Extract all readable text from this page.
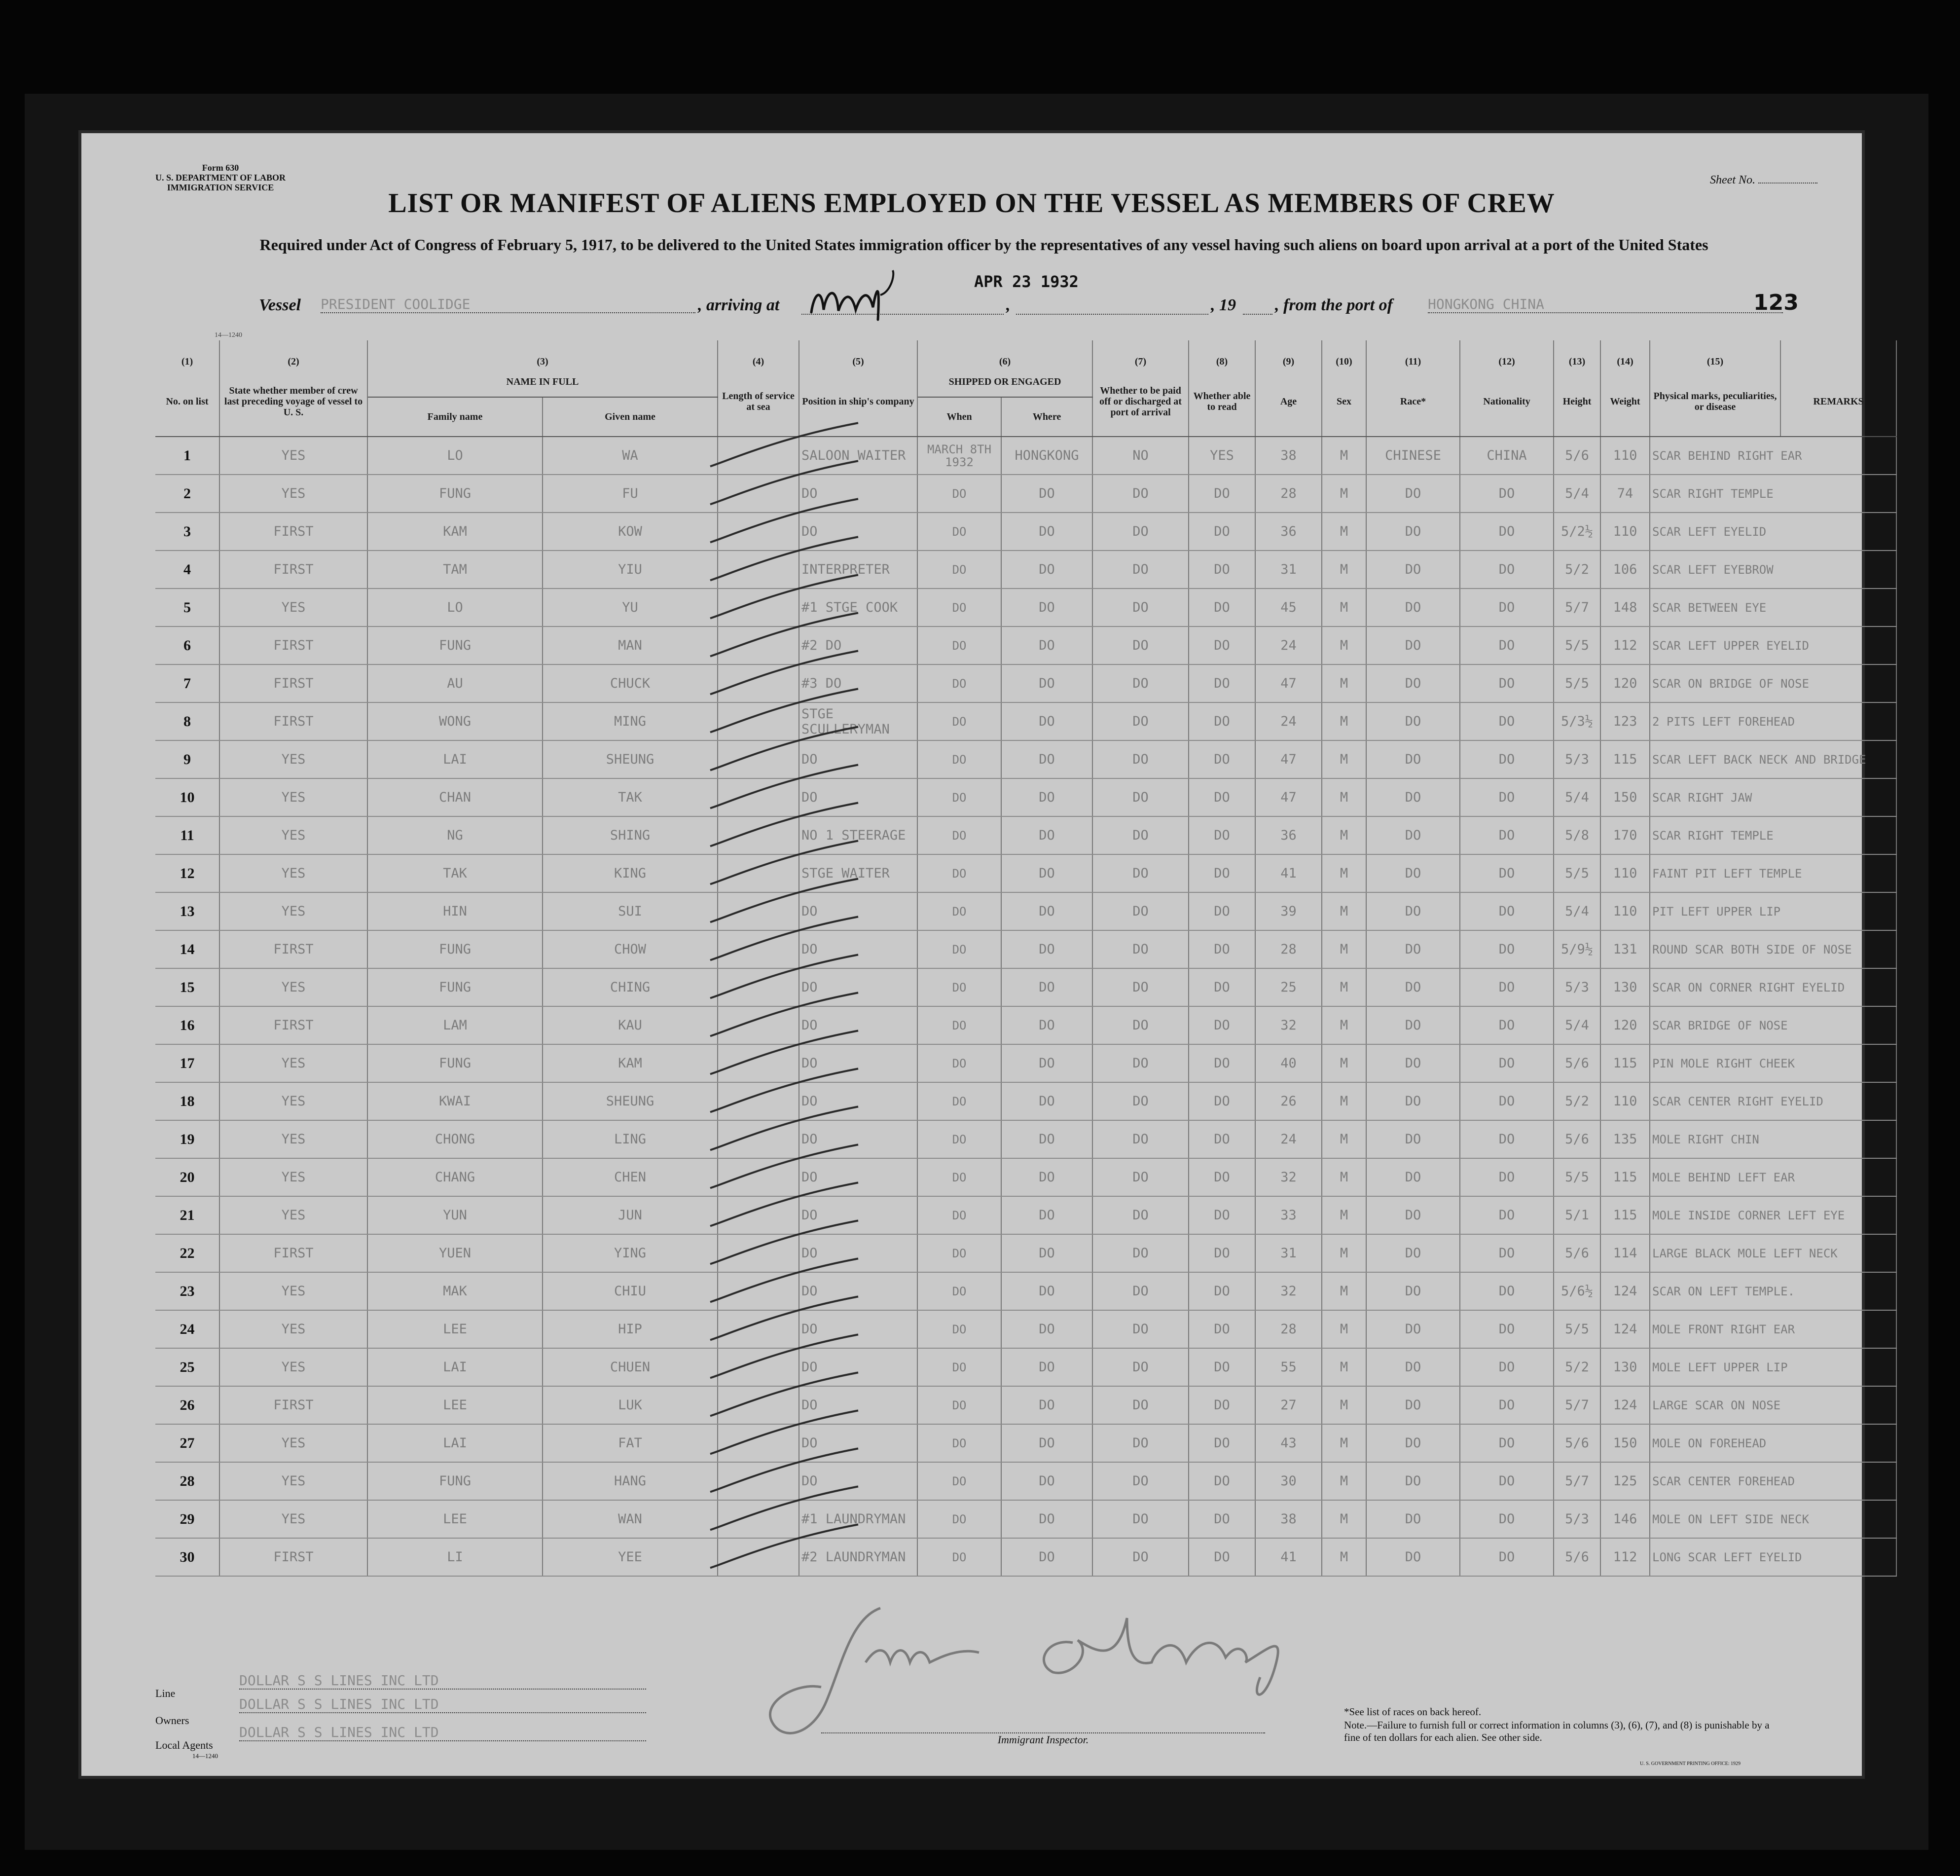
Form 630
U. S. DEPARTMENT OF LABOR
IMMIGRATION SERVICE
Sheet No.
LIST OR MANIFEST OF ALIENS EMPLOYED ON THE VESSEL AS MEMBERS OF CREW
Required under Act of Congress of February 5, 1917, to be delivered to the United States immigration officer by the representatives of any vessel having such aliens on board upon arrival at a port of the United States
APR 23 1932
Vessel PRESIDENT COOLIDGE	, arriving at	,	, 19 , from the port of	HONGKONG CHINA	123
14—1240
(1)	(2)	(3)		(4)	(5)	(6)		(7)	(8)	(9)	(10)	(11)	(12)	(13)	(14)	(15)	
No. on list	State whether member of crew last preceding voyage of vessel to U. S.	NAME IN FULL		Length of service at sea	Position in ship's company	SHIPPED OR ENGAGED		Whether to be paid off or discharged at port of arrival	Whether able to read	Age	Sex	Race*	Nationality	Height	Weight	Physical marks, peculiarities, or disease	REMARKS
		Family name	Given name			When	Where										
1	YES	LO	WA		SALOON WAITER	MARCH 8TH 1932	HONGKONG	NO	YES	38	M	CHINESE	CHINA	5/6	110	SCAR BEHIND RIGHT EAR	
2	YES	FUNG	FU		DO	DO	DO	DO	DO	28	M	DO	DO	5/4	74	SCAR RIGHT TEMPLE	
3	FIRST	KAM	KOW		DO	DO	DO	DO	DO	36	M	DO	DO	5/2½	110	SCAR LEFT EYELID	
4	FIRST	TAM	YIU		INTERPRETER	DO	DO	DO	DO	31	M	DO	DO	5/2	106	SCAR LEFT EYEBROW	
5	YES	LO	YU		#1 STGE COOK	DO	DO	DO	DO	45	M	DO	DO	5/7	148	SCAR BETWEEN EYE	
6	FIRST	FUNG	MAN		#2 DO	DO	DO	DO	DO	24	M	DO	DO	5/5	112	SCAR LEFT UPPER EYELID	
7	FIRST	AU	CHUCK		#3 DO	DO	DO	DO	DO	47	M	DO	DO	5/5	120	SCAR ON BRIDGE OF NOSE	
8	FIRST	WONG	MING		STGE SCULLERYMAN	DO	DO	DO	DO	24	M	DO	DO	5/3½	123	2 PITS LEFT FOREHEAD	
9	YES	LAI	SHEUNG		DO	DO	DO	DO	DO	47	M	DO	DO	5/3	115	SCAR LEFT BACK NECK AND BRIDGE	
10	YES	CHAN	TAK		DO	DO	DO	DO	DO	47	M	DO	DO	5/4	150	SCAR RIGHT JAW	
11	YES	NG	SHING		NO 1 STEERAGE	DO	DO	DO	DO	36	M	DO	DO	5/8	170	SCAR RIGHT TEMPLE	
12	YES	TAK	KING		STGE WAITER	DO	DO	DO	DO	41	M	DO	DO	5/5	110	FAINT PIT LEFT TEMPLE	
13	YES	HIN	SUI		DO	DO	DO	DO	DO	39	M	DO	DO	5/4	110	PIT LEFT UPPER LIP	
14	FIRST	FUNG	CHOW		DO	DO	DO	DO	DO	28	M	DO	DO	5/9½	131	ROUND SCAR BOTH SIDE OF NOSE	
15	YES	FUNG	CHING		DO	DO	DO	DO	DO	25	M	DO	DO	5/3	130	SCAR ON CORNER RIGHT EYELID	
16	FIRST	LAM	KAU		DO	DO	DO	DO	DO	32	M	DO	DO	5/4	120	SCAR BRIDGE OF NOSE	
17	YES	FUNG	KAM		DO	DO	DO	DO	DO	40	M	DO	DO	5/6	115	PIN MOLE RIGHT CHEEK	
18	YES	KWAI	SHEUNG		DO	DO	DO	DO	DO	26	M	DO	DO	5/2	110	SCAR CENTER RIGHT EYELID	
19	YES	CHONG	LING		DO	DO	DO	DO	DO	24	M	DO	DO	5/6	135	MOLE RIGHT CHIN	
20	YES	CHANG	CHEN		DO	DO	DO	DO	DO	32	M	DO	DO	5/5	115	MOLE BEHIND LEFT EAR	
21	YES	YUN	JUN		DO	DO	DO	DO	DO	33	M	DO	DO	5/1	115	MOLE INSIDE CORNER LEFT EYE	
22	FIRST	YUEN	YING		DO	DO	DO	DO	DO	31	M	DO	DO	5/6	114	LARGE BLACK MOLE LEFT NECK	
23	YES	MAK	CHIU		DO	DO	DO	DO	DO	32	M	DO	DO	5/6½	124	SCAR ON LEFT TEMPLE.	
24	YES	LEE	HIP		DO	DO	DO	DO	DO	28	M	DO	DO	5/5	124	MOLE FRONT RIGHT EAR	
25	YES	LAI	CHUEN		DO	DO	DO	DO	DO	55	M	DO	DO	5/2	130	MOLE LEFT UPPER LIP	
26	FIRST	LEE	LUK		DO	DO	DO	DO	DO	27	M	DO	DO	5/7	124	LARGE SCAR ON NOSE	
27	YES	LAI	FAT		DO	DO	DO	DO	DO	43	M	DO	DO	5/6	150	MOLE ON FOREHEAD	
28	YES	FUNG	HANG		DO	DO	DO	DO	DO	30	M	DO	DO	5/7	125	SCAR CENTER FOREHEAD	
29	YES	LEE	WAN		#1 LAUNDRYMAN	DO	DO	DO	DO	38	M	DO	DO	5/3	146	MOLE ON LEFT SIDE NECK	
30	FIRST	LI	YEE		#2 LAUNDRYMAN	DO	DO	DO	DO	41	M	DO	DO	5/6	112	LONG SCAR LEFT EYELID	
Line
DOLLAR S S LINES INC LTD
Owners
DOLLAR S S LINES INC LTD
Local Agents
DOLLAR S S LINES INC LTD
14—1240
Immigrant Inspector.
*See list of races on back hereof.
Note.—Failure to furnish full or correct information in columns (3), (6), (7), and (8) is punishable by a fine of ten dollars for each alien. See other side.
U. S. GOVERNMENT PRINTING OFFICE: 1929
